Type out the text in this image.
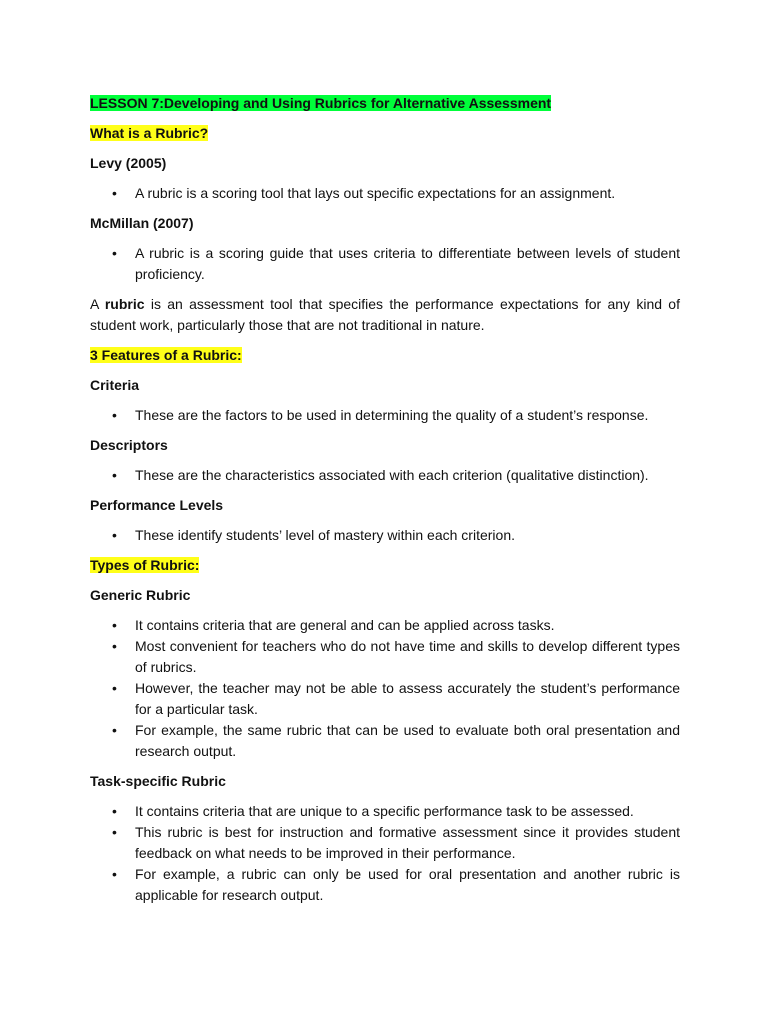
LESSON 7:Developing and Using Rubrics for Alternative Assessment
What is a Rubric?
Levy (2005)
• A rubric is a scoring tool that lays out specific expectations for an assignment.
McMillan (2007)
• A rubric is a scoring guide that uses criteria to differentiate between levels of student proficiency.

A rubric is an assessment tool that specifies the performance expectations for any kind of student work, particularly those that are not traditional in nature.

3 Features of a Rubric:
Criteria
• These are the factors to be used in determining the quality of a student’s response.
Descriptors
• These are the characteristics associated with each criterion (qualitative distinction).
Performance Levels
• These identify students’ level of mastery within each criterion.
Types of Rubric:
Generic Rubric
• It contains criteria that are general and can be applied across tasks.
• Most convenient for teachers who do not have time and skills to develop different types of rubrics.
• However, the teacher may not be able to assess accurately the student’s performance for a particular task.
• For example, the same rubric that can be used to evaluate both oral presentation and research output.
Task-specific Rubric
• It contains criteria that are unique to a specific performance task to be assessed.
• This rubric is best for instruction and formative assessment since it provides student feedback on what needs to be improved in their performance.
• For example, a rubric can only be used for oral presentation and another rubric is applicable for research output.
